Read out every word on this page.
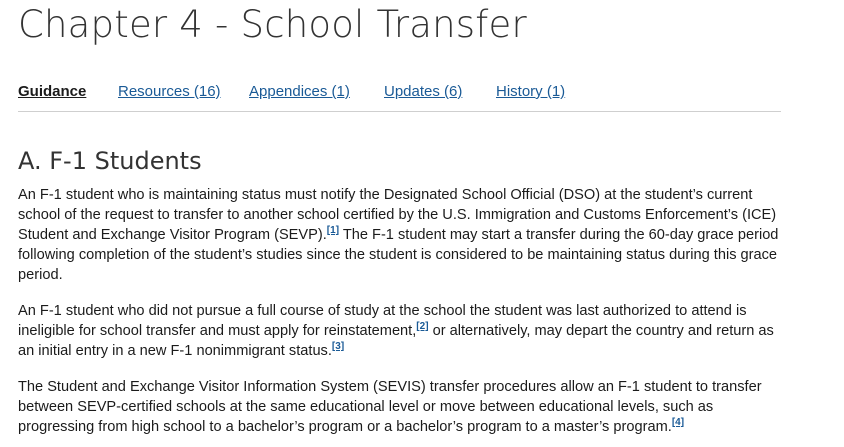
Chapter 4 - School Transfer
Guidance Resources (16) Appendices (1) Updates (6) History (1)
A. F-1 Students

An F-1 student who is maintaining status must notify the Designated School Official (DSO) at the student’s current school of the request to transfer to another school certified by the U.S. Immigration and Customs Enforcement’s (ICE) Student and Exchange Visitor Program (SEVP).[1] The F-1 student may start a transfer during the 60-day grace period following completion of the student’s studies since the student is considered to be maintaining status during this grace period.

An F-1 student who did not pursue a full course of study at the school the student was last authorized to attend is ineligible for school transfer and must apply for reinstatement,[2] or alternatively, may depart the country and return as an initial entry in a new F-1 nonimmigrant status.[3]

The Student and Exchange Visitor Information System (SEVIS) transfer procedures allow an F-1 student to transfer between SEVP-certified schools at the same educational level or move between educational levels, such as progressing from high school to a bachelor’s program or a bachelor’s program to a master’s program.[4]
